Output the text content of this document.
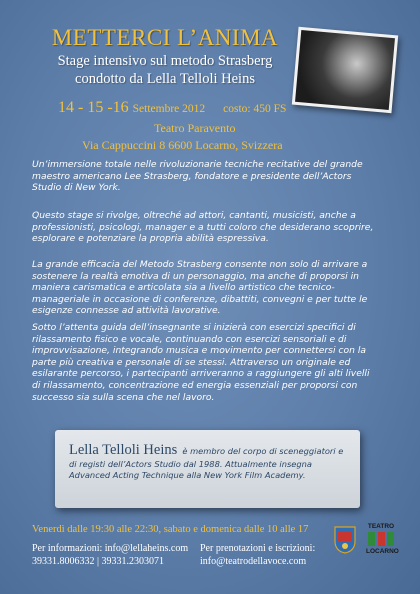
METTERCI L’ANIMA
Stage intensivo sul metodo Strasberg
condotto da Lella Telloli Heins
14 - 15 -16 Settembre 2012 costo: 450 FS
Teatro Paravento
Via Cappuccini 8 6600 Locarno, Svizzera
Un’immersione totale nelle rivoluzionarie tecniche recitative del grande maestro americano Lee Strasberg, fondatore e presidente dell’Actors Studio di New York.
Questo stage si rivolge, oltreché ad attori, cantanti, musicisti, anche a professionisti, psicologi, manager e a tutti coloro che desiderano scoprire, esplorare e potenziare la propria abilità espressiva.
La grande efficacia del Metodo Strasberg consente non solo di arrivare a sostenere la realtà emotiva di un personaggio, ma anche di proporsi in maniera carismatica e articolata sia a livello artistico che tecnico-manageriale in occasione di conferenze, dibattiti, convegni e per tutte le esigenze connesse ad attività lavorative.
Sotto l’attenta guida dell’insegnante si inizierà con esercizi specifici di rilassamento fisico e vocale, continuando con esercizi sensoriali e di improvvisazione, integrando musica e movimento per connettersi con la parte più creativa e personale di se stessi. Attraverso un originale ed esilarante percorso, i partecipanti arriveranno a raggiungere gli alti livelli di rilassamento, concentrazione ed energia essenziali per proporsi con successo sia sulla scena che nel lavoro.
Lella Telloli Heins è membro del corpo di sceneggiatori e
di registi dell’Actors Studio dal 1988. Attualmente insegna Advanced Acting Technique alla New York Film Academy.
Venerdì dalle 19:30 alle 22:30, sabato e domenica dalle 10 alle 17
Per informazioni: info@lellaheins.com
39331.8006332 | 39331.2303071
Per prenotazioni e iscrizioni:
info@teatrodellavoce.com
TEATRO
LOCARNO
